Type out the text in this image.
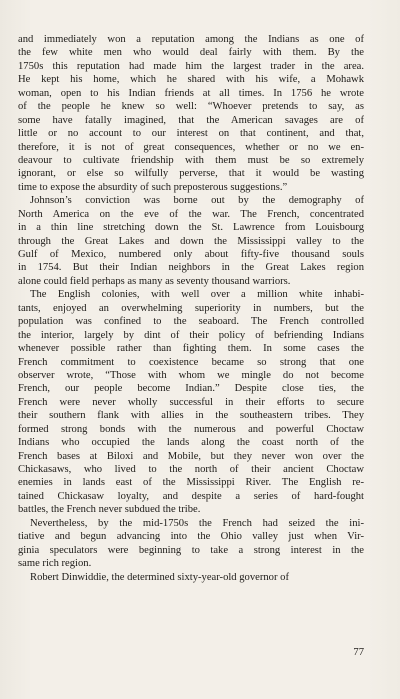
and immediately won a reputation among the Indians as one of
the few white men who would deal fairly with them. By the
1750s this reputation had made him the largest trader in the area.
He kept his home, which he shared with his wife, a Mohawk
woman, open to his Indian friends at all times. In 1756 he wrote
of the people he knew so well: “Whoever pretends to say, as
some have fatally imagined, that the American savages are of
little or no account to our interest on that continent, and that,
therefore, it is not of great consequences, whether or no we en-
deavour to cultivate friendship with them must be so extremely
ignorant, or else so wilfully perverse, that it would be wasting
time to expose the absurdity of such preposterous suggestions.”
Johnson’s conviction was borne out by the demography of
North America on the eve of the war. The French, concentrated
in a thin line stretching down the St. Lawrence from Louisbourg
through the Great Lakes and down the Mississippi valley to the
Gulf of Mexico, numbered only about fifty-five thousand souls
in 1754. But their Indian neighbors in the Great Lakes region
alone could field perhaps as many as seventy thousand warriors.
The English colonies, with well over a million white inhabi-
tants, enjoyed an overwhelming superiority in numbers, but the
population was confined to the seaboard. The French controlled
the interior, largely by dint of their policy of befriending Indians
whenever possible rather than fighting them. In some cases the
French commitment to coexistence became so strong that one
observer wrote, “Those with whom we mingle do not become
French, our people become Indian.” Despite close ties, the
French were never wholly successful in their efforts to secure
their southern flank with allies in the southeastern tribes. They
formed strong bonds with the numerous and powerful Choctaw
Indians who occupied the lands along the coast north of the
French bases at Biloxi and Mobile, but they never won over the
Chickasaws, who lived to the north of their ancient Choctaw
enemies in lands east of the Mississippi River. The English re-
tained Chickasaw loyalty, and despite a series of hard-fought
battles, the French never subdued the tribe.
Nevertheless, by the mid-1750s the French had seized the ini-
tiative and begun advancing into the Ohio valley just when Vir-
ginia speculators were beginning to take a strong interest in the
same rich region.
Robert Dinwiddie, the determined sixty-year-old governor of
77
